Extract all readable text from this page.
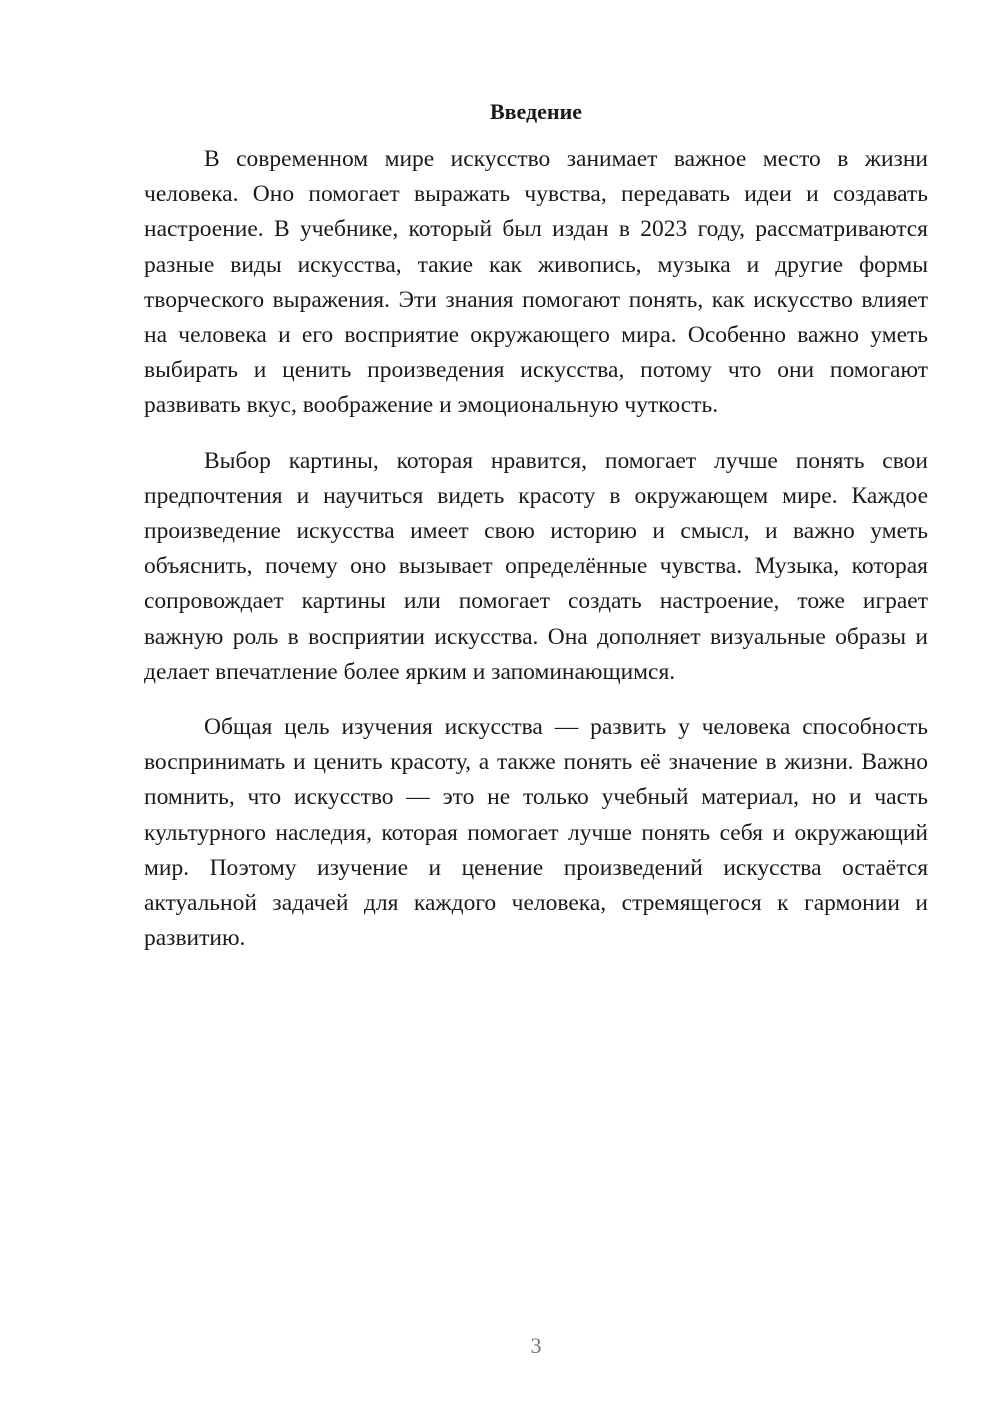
Введение

В современном мире искусство занимает важное место в жизни человека. Оно помогает выражать чувства, передавать идеи и создавать настроение. В учебнике, который был издан в 2023 году, рассматриваются разные виды искусства, такие как живопись, музыка и другие формы творческого выражения. Эти знания помогают понять, как искусство влияет на человека и его восприятие окружающего мира. Особенно важно уметь выбирать и ценить произведения искусства, потому что они помогают развивать вкус, воображение и эмоциональную чуткость.

Выбор картины, которая нравится, помогает лучше понять свои предпочтения и научиться видеть красоту в окружающем мире. Каждое произведение искусства имеет свою историю и смысл, и важно уметь объяснить, почему оно вызывает определённые чувства. Музыка, которая сопровождает картины или помогает создать настроение, тоже играет важную роль в восприятии искусства. Она дополняет визуальные образы и делает впечатление более ярким и запоминающимся.

Общая цель изучения искусства — развить у человека способность воспринимать и ценить красоту, а также понять её значение в жизни. Важно помнить, что искусство — это не только учебный материал, но и часть культурного наследия, которая помогает лучше понять себя и окружающий мир. Поэтому изучение и ценение произведений искусства остаётся актуальной задачей для каждого человека, стремящегося к гармонии и развитию.

3
